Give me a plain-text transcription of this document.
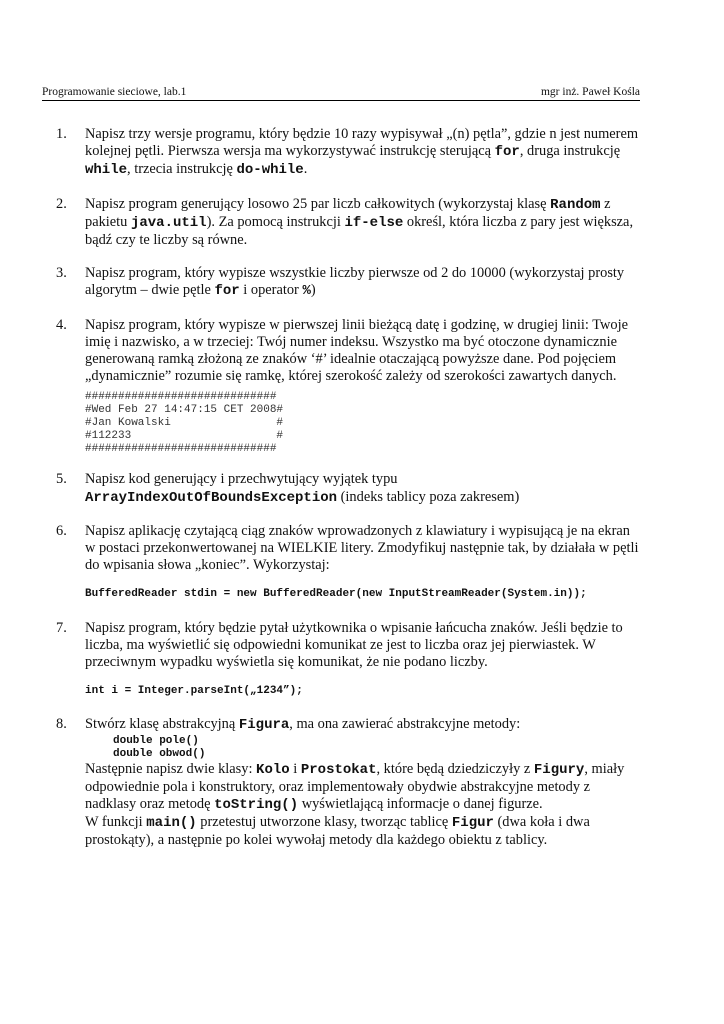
Programowanie sieciowe, lab.1	mgr inż. Paweł Kośla
1.	Napisz trzy wersje programu, który będzie 10 razy wypisywał „(n) pętla”, gdzie n jest numerem kolejnej pętli. Pierwsza wersja ma wykorzystywać instrukcję sterującą for, druga instrukcję while, trzecia instrukcję do-while.
2.	Napisz program generujący losowo 25 par liczb całkowitych (wykorzystaj klasę Random z pakietu java.util). Za pomocą instrukcji if-else określ, która liczba z pary jest większa, bądź czy te liczby są równe.
3.	Napisz program, który wypisze wszystkie liczby pierwsze od 2 do 10000 (wykorzystaj prosty algorytm – dwie pętle for i operator %)
4.	Napisz program, który wypisze w pierwszej linii bieżącą datę i godzinę, w drugiej linii: Twoje imię i nazwisko, a w trzeciej: Twój numer indeksu. Wszystko ma być otoczone dynamicznie generowaną ramką złożoną ze znaków ‘#’ idealnie otaczającą powyższe dane. Pod pojęciem „dynamicznie” rozumie się ramkę, której szerokość zależy od szerokości zawartych danych.

#############################
#Wed Feb 27 14:47:15 CET 2008#
#Jan Kowalski                #
#112233                      #
#############################
5.	Napisz kod generujący i przechwytujący wyjątek typu
ArrayIndexOutOfBoundsException (indeks tablicy poza zakresem)
6.	Napisz aplikację czytającą ciąg znaków wprowadzonych z klawiatury i wypisującą je na ekran w postaci przekonwertowanej na WIELKIE litery. Zmodyfikuj następnie tak, by działała w pętli do wpisania słowa „koniec”. Wykorzystaj:

BufferedReader stdin = new BufferedReader(new InputStreamReader(System.in));

7.	Napisz program, który będzie pytał użytkownika o wpisanie łańcucha znaków. Jeśli będzie to liczba, ma wyświetlić się odpowiedni komunikat ze jest to liczba oraz jej pierwiastek. W przeciwnym wypadku wyświetla się komunikat, że nie podano liczby.

int i = Integer.parseInt(„1234”);

8.	Stwórz klasę abstrakcyjną Figura, ma ona zawierać abstrakcyjne metody:

double pole()
double obwod()

Następnie napisz dwie klasy: Kolo i Prostokat, które będą dziedziczyły z Figury, miały odpowiednie pola i konstruktory, oraz implementowały obydwie abstrakcyjne metody z nadklasy oraz metodę toString() wyświetlającą informacje o danej figurze.

W funkcji main() przetestuj utworzone klasy, tworząc tablicę Figur (dwa koła i dwa prostokąty), a następnie po kolei wywołaj metody dla każdego obiektu z tablicy.
